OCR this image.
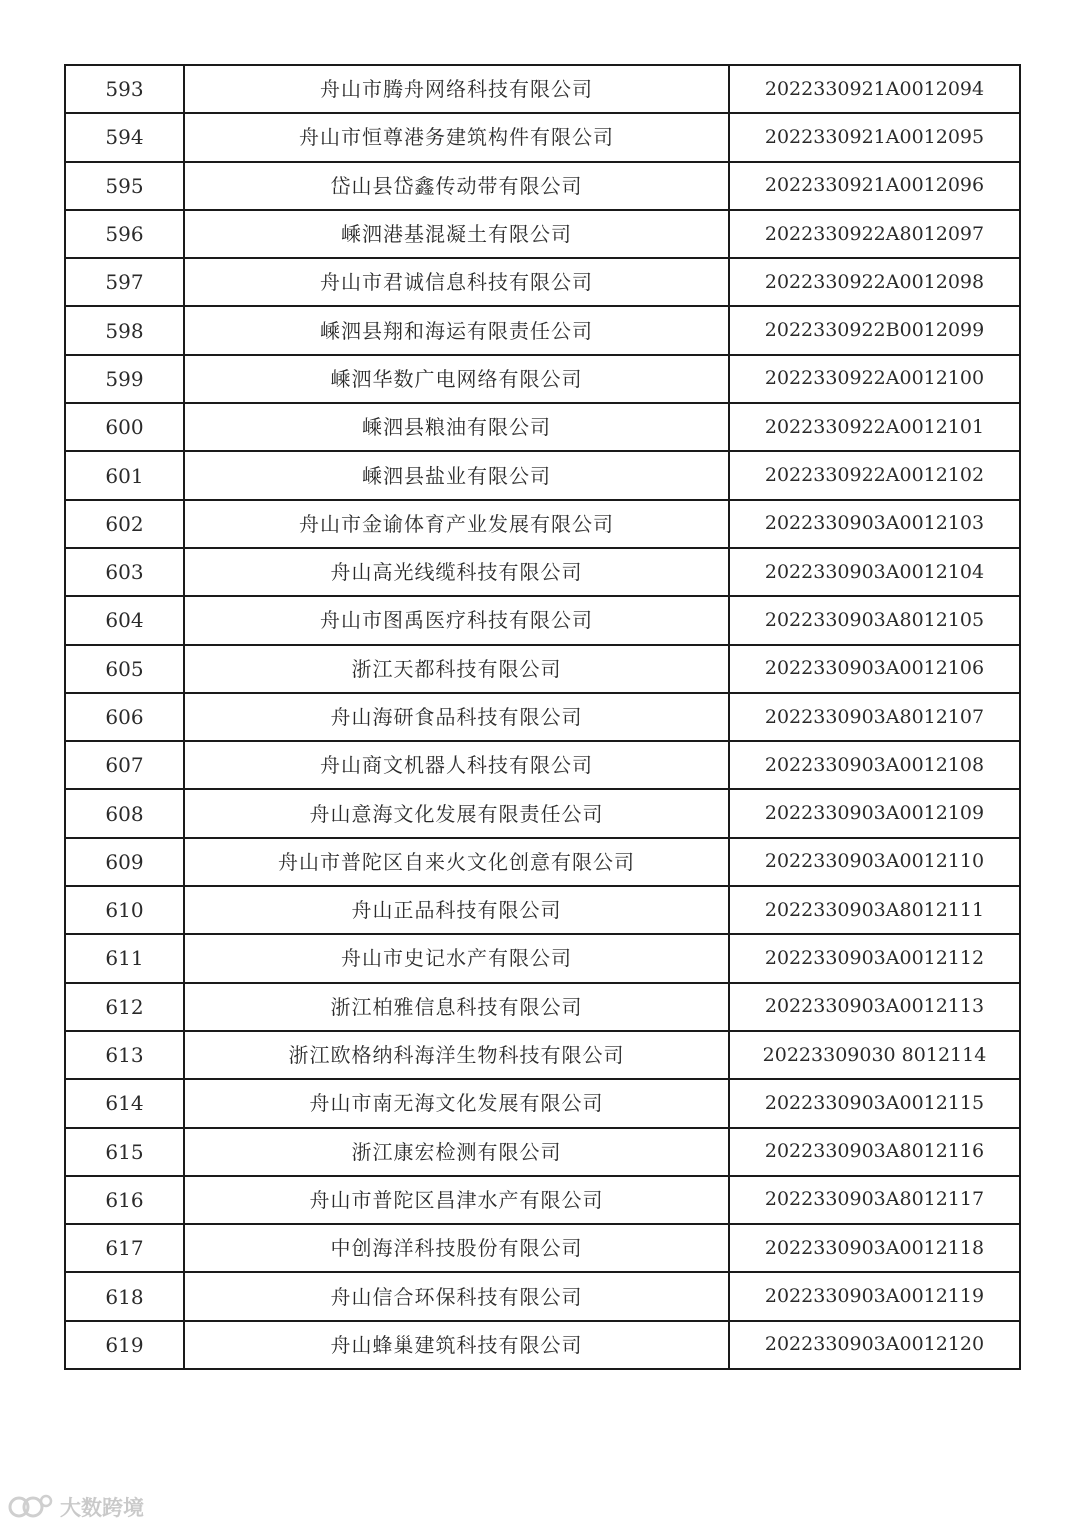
593	舟山市腾舟网络科技有限公司	2022330921A0012094
594	舟山市恒尊港务建筑构件有限公司	2022330921A0012095
595	岱山县岱鑫传动带有限公司	2022330921A0012096
596	嵊泗港基混凝土有限公司	2022330922A8012097
597	舟山市君诚信息科技有限公司	2022330922A0012098
598	嵊泗县翔和海运有限责任公司	2022330922B0012099
599	嵊泗华数广电网络有限公司	2022330922A0012100
600	嵊泗县粮油有限公司	2022330922A0012101
601	嵊泗县盐业有限公司	2022330922A0012102
602	舟山市金谕体育产业发展有限公司	2022330903A0012103
603	舟山高光线缆科技有限公司	2022330903A0012104
604	舟山市图禹医疗科技有限公司	2022330903A8012105
605	浙江天都科技有限公司	2022330903A0012106
606	舟山海研食品科技有限公司	2022330903A8012107
607	舟山商文机器人科技有限公司	2022330903A0012108
608	舟山意海文化发展有限责任公司	2022330903A0012109
609	舟山市普陀区自来火文化创意有限公司	2022330903A0012110
610	舟山正品科技有限公司	2022330903A8012111
611	舟山市史记水产有限公司	2022330903A0012112
612	浙江柏雅信息科技有限公司	2022330903A0012113
613	浙江欧格纳科海洋生物科技有限公司	20223309030 8012114
614	舟山市南无海文化发展有限公司	2022330903A0012115
615	浙江康宏检测有限公司	2022330903A8012116
616	舟山市普陀区昌津水产有限公司	2022330903A8012117
617	中创海洋科技股份有限公司	2022330903A0012118
618	舟山信合环保科技有限公司	2022330903A0012119
619	舟山蜂巢建筑科技有限公司	2022330903A0012120
大数跨境
